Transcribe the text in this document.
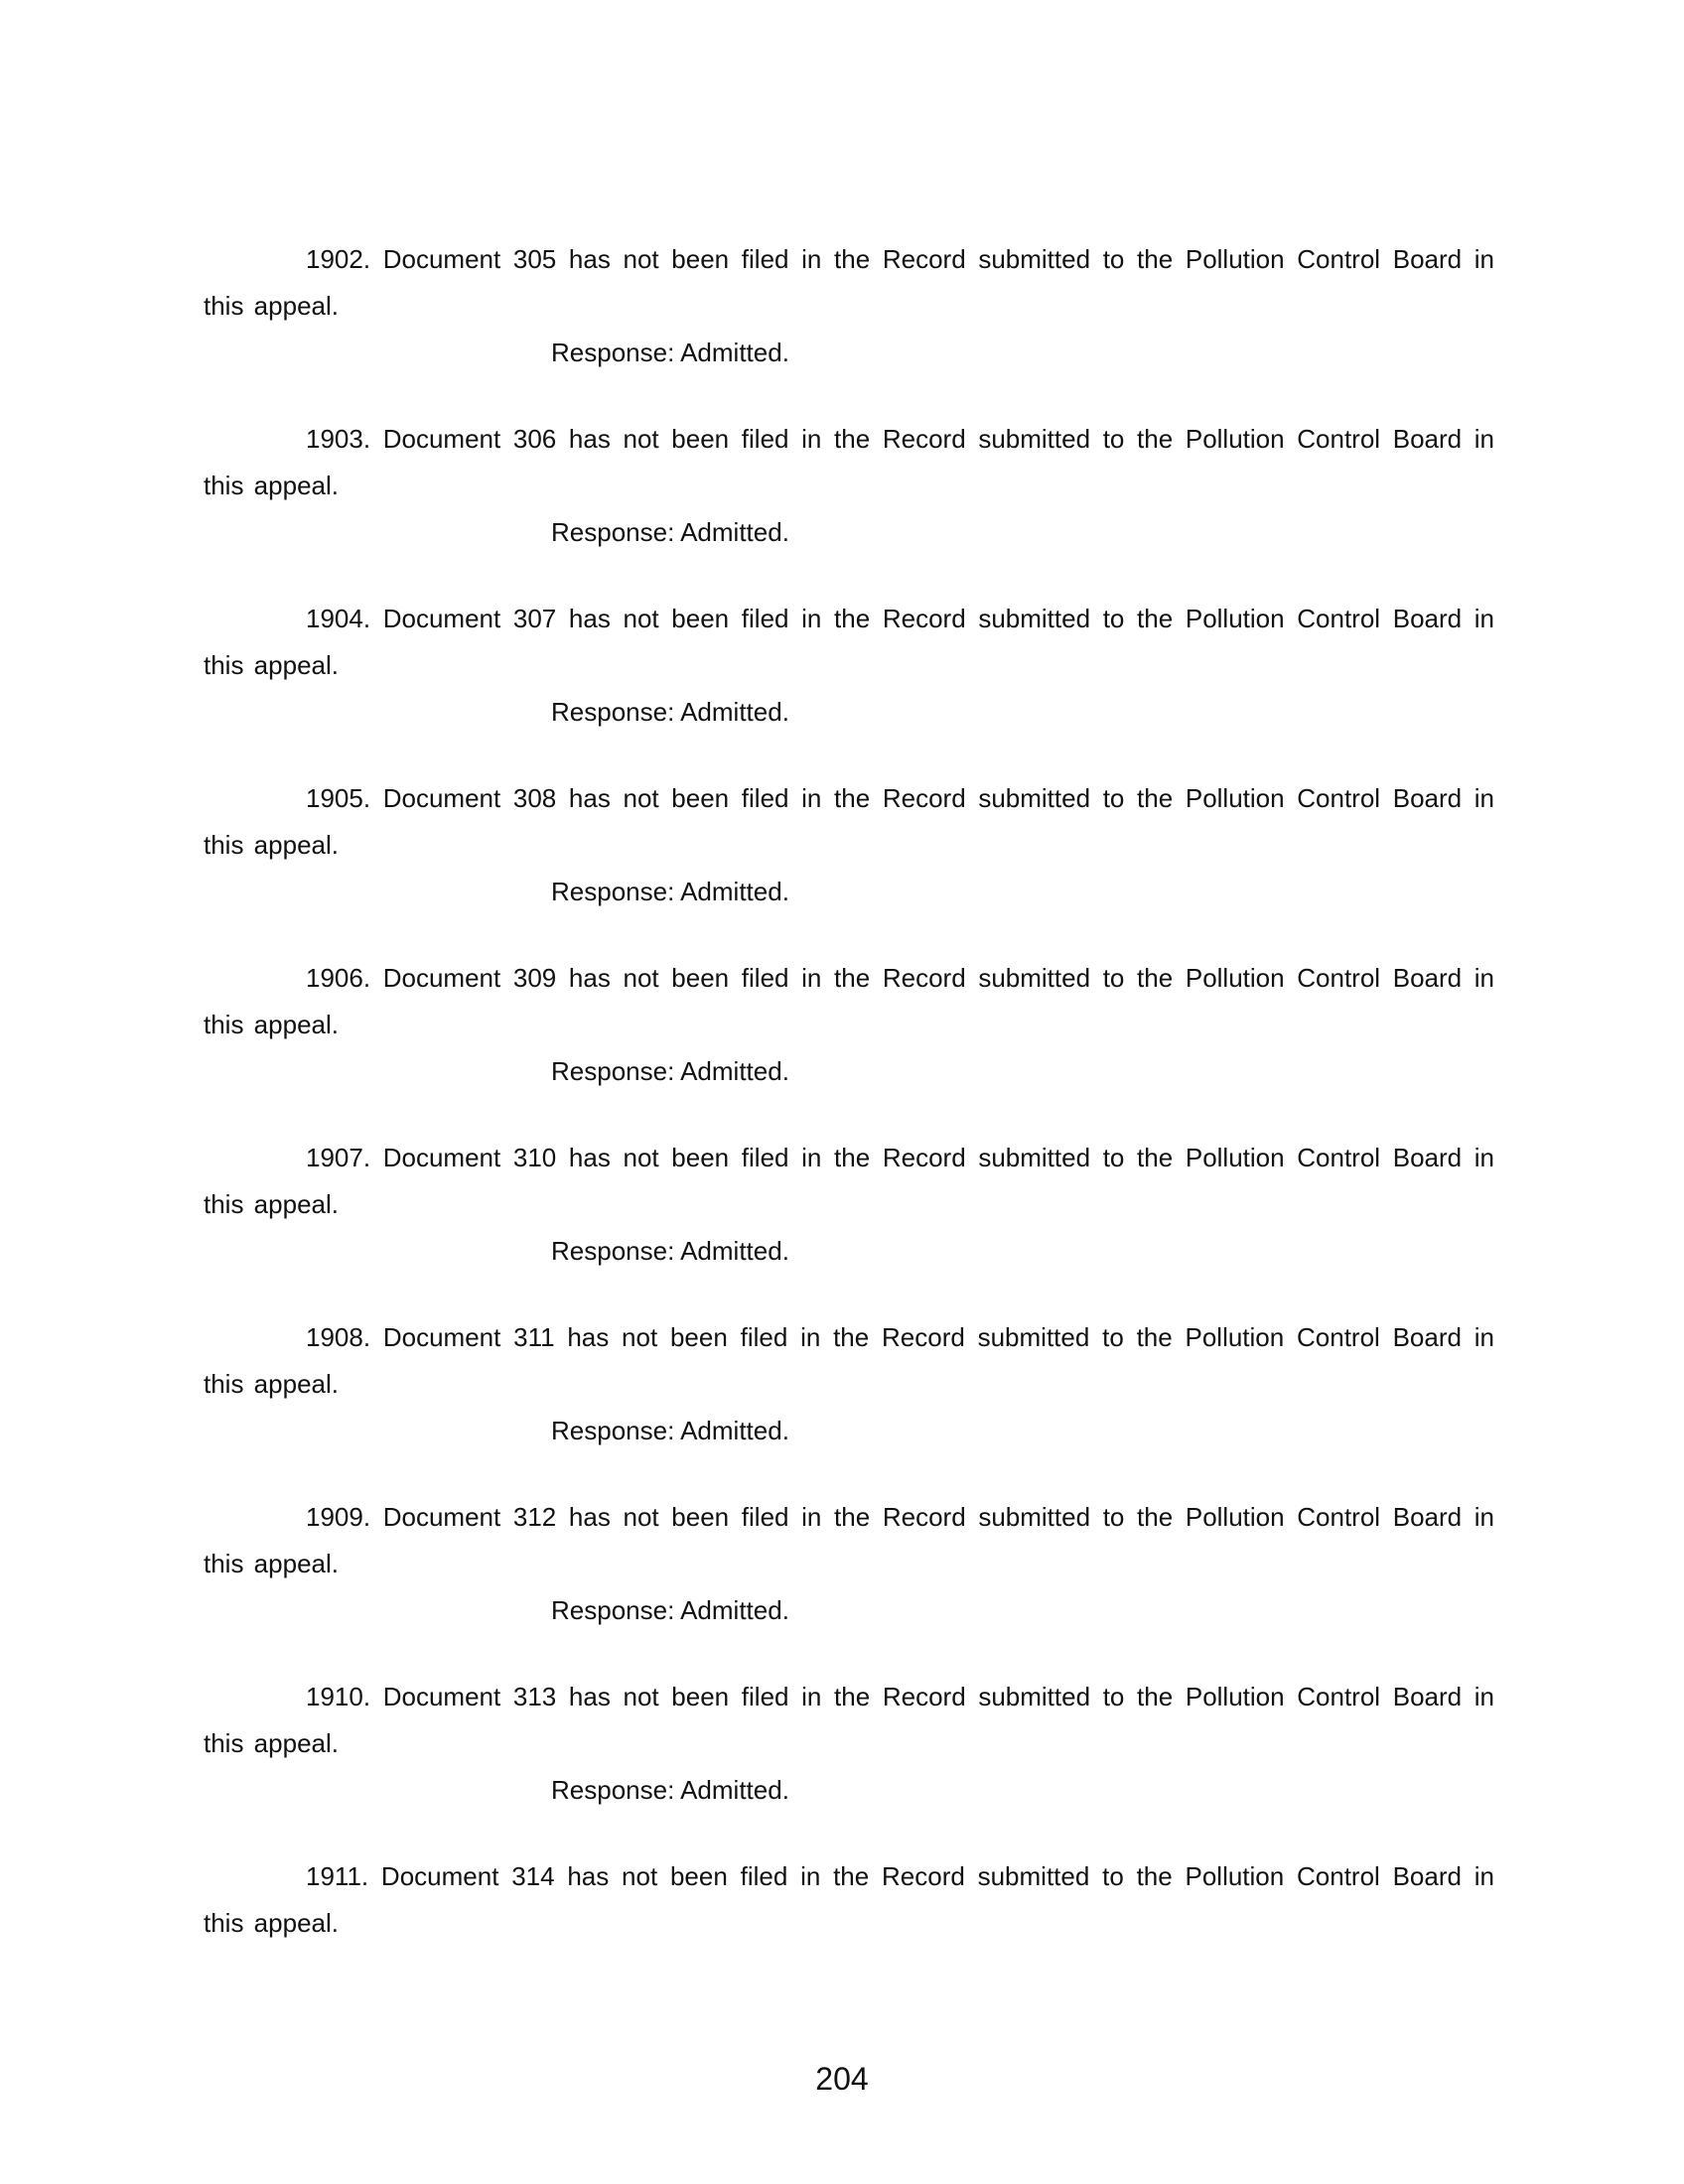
1902. Document 305 has not been filed in the Record submitted to the Pollution Control Board in this appeal.

Response: Admitted.

1903. Document 306 has not been filed in the Record submitted to the Pollution Control Board in this appeal.

Response: Admitted.

1904. Document 307 has not been filed in the Record submitted to the Pollution Control Board in this appeal.

Response: Admitted.

1905. Document 308 has not been filed in the Record submitted to the Pollution Control Board in this appeal.

Response: Admitted.

1906. Document 309 has not been filed in the Record submitted to the Pollution Control Board in this appeal.

Response: Admitted.

1907. Document 310 has not been filed in the Record submitted to the Pollution Control Board in this appeal.

Response: Admitted.

1908. Document 311 has not been filed in the Record submitted to the Pollution Control Board in this appeal.

Response: Admitted.

1909. Document 312 has not been filed in the Record submitted to the Pollution Control Board in this appeal.

Response: Admitted.

1910. Document 313 has not been filed in the Record submitted to the Pollution Control Board in this appeal.

Response: Admitted.

1911. Document 314 has not been filed in the Record submitted to the Pollution Control Board in this appeal.

204
